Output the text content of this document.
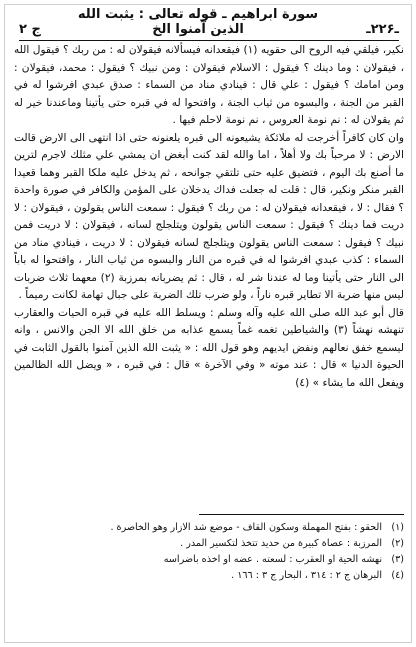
ـ۲۲۶ـ
سورة ابراهيم ـ قوله تعالى : يثبت الله الذين آمنوا الخ
ج ۲

نكير، فيلقي فيه الروح الى حقويه (١) فيقعدانه فيسألانه فيقولان له : من ربك ؟ فيقول الله ، فيقولان : وما دينك ؟ فيقول : الاسلام فيقولان : ومن نبيك ؟ فيقول : محمد، فيقولان : ومن امامك ؟ فيقول : علي قال : فينادي مناد من السماء : صدق عبدي افرشوا له في القبر من الجنة ، والبسوه من ثياب الجنة ، وافتحوا له في قبره حتى يأتينا وماعندنا خير له ثم يقولان له : نم نومة العروس ، نم نومة لاحلم فيها .

وان كان كافراً أخرجت له ملائكة يشيعونه الى قبره يلعنونه حتى اذا انتهى الى الارض قالت الارض : لا مرحباً بك ولا أهلاً ، اما والله لقد كنت أبغض ان يمشي علي مثلك لاجرم لترين ما أصنع بك اليوم ، فتضيق عليه حتى تلتقي جوانحه ، ثم يدخل عليه ملكا القبر وهما قعيدا القبر منكر ونكير، قال : قلت له جعلت فداك يدخلان على المؤمن والكافر في صورة واحدة ؟ فقال : لا ، فيقعدانه فيقولان له : من ربك ؟ فيقول : سمعت الناس يقولون ، فيقولان : لا دريت فما دينك ؟ فيقول : سمعت الناس يقولون ويتلجلج لسانه ، فيقولان : لا دريت فمن نبيك ؟ فيقول : سمعت الناس يقولون ويتلجلج لسانه فيقولان : لا دريت ، فينادي مناد من السماء : كذب عبدي افرشوا له في قبره من النار والبسوه من ثياب النار ، وافتحوا له باباً الى النار حتى يأتينا وما له عندنا شر له ، قال : ثم يضربانه بمرزبة (٢) معهما ثلاث ضربات ليس منها ضربة الا تطاير قبره ناراً ، ولو ضرب تلك الضربة على جبال تهامة لكانت رميماً .

قال أبو عبد الله صلى الله عليه وآله وسلم : ويسلط الله عليه في قبره الحيات والعقارب تنهشه نهشاً (٣) والشياطين تغمه غماً يسمع عذابه من خلق الله الا الجن والانس ، وانه ليسمع خفق نعالهم ونفض ايديهم وهو قول الله : « يثبت الله الذين آمنوا بالقول الثابت في الحيوة الدنيا » قال : عند موته « وفي الآخرة » قال : في قبره ، « ويضل الله الظالمين ويفعل الله ما يشاء » (٤)

(١)الحقو : بفتح المهملة وسكون القاف - موضع شد الازار وهو الخاصرة .

(٢)المرزبة : عصاة كبيرة من حديد تتخذ لتكسير المدر .

(٣)نهشه الحية او العقرب : لسعته . عضه او اخذه باضراسه

(٤)البرهان ج ٢ : ٣١٤ ، البحار ج ٣ : ١٦٦ .
